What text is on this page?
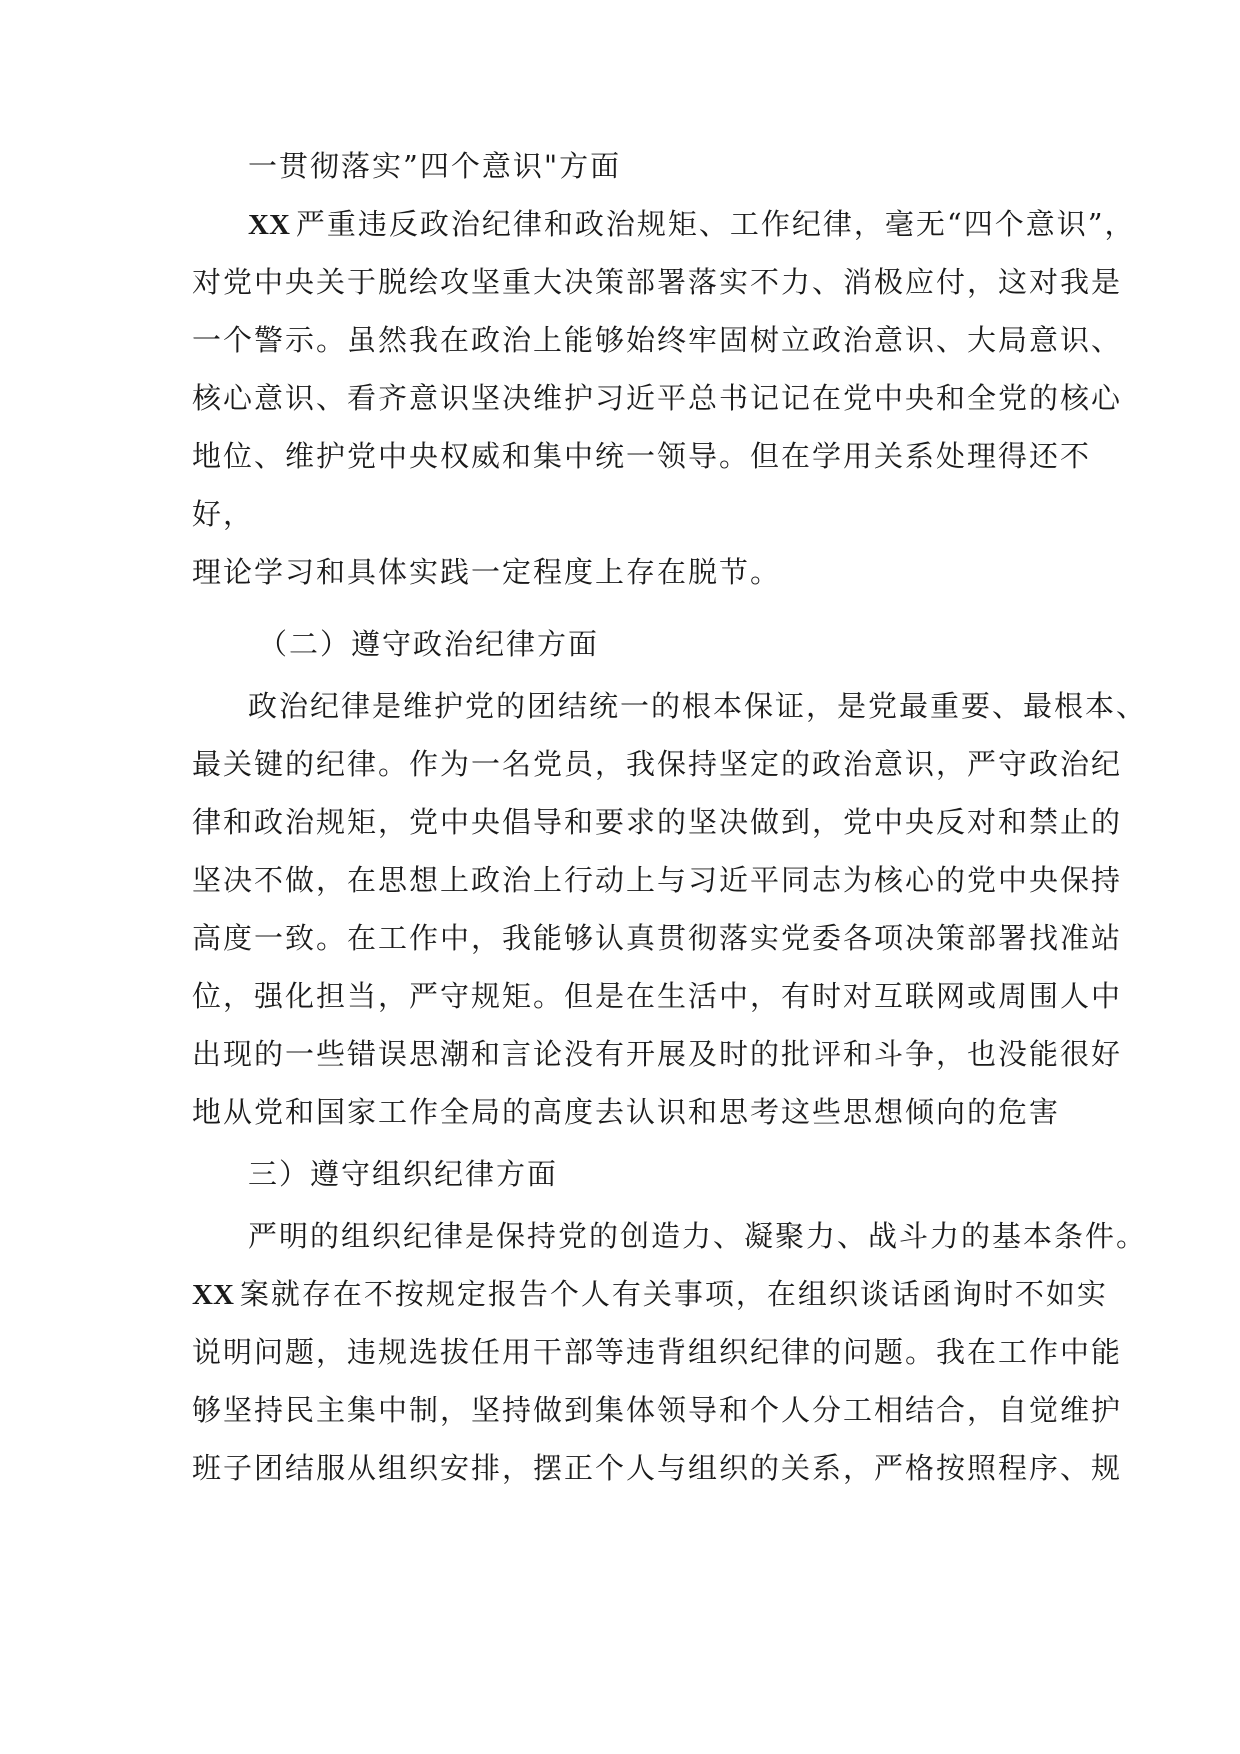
一贯彻落实”四个意识"方面
XX 严重违反政治纪律和政治规矩、工作纪律，毫无“四个意识”，
对党中央关于脱绘攻坚重大决策部署落实不力、消极应付，这对我是
一个警示。虽然我在政治上能够始终牢固树立政治意识、大局意识、
核心意识、看齐意识坚决维护习近平总书记记在党中央和全党的核心
地位、维护党中央权威和集中统一领导。但在学用关系处理得还不
好，
理论学习和具体实践一定程度上存在脱节。
（二）遵守政治纪律方面
政治纪律是维护党的团结统一的根本保证，是党最重要、最根本、
最关键的纪律。作为一名党员，我保持坚定的政治意识，严守政治纪
律和政治规矩，党中央倡导和要求的坚决做到，党中央反对和禁止的
坚决不做，在思想上政治上行动上与习近平同志为核心的党中央保持
高度一致。在工作中，我能够认真贯彻落实党委各项决策部署找准站
位，强化担当，严守规矩。但是在生活中，有时对互联网或周围人中
出现的一些错误思潮和言论没有开展及时的批评和斗争，也没能很好
地从党和国家工作全局的高度去认识和思考这些思想倾向的危害
三）遵守组织纪律方面
严明的组织纪律是保持党的创造力、凝聚力、战斗力的基本条件。
XX 案就存在不按规定报告个人有关事项，在组织谈话函询时不如实
说明问题，违规选拔任用干部等违背组织纪律的问题。我在工作中能
够坚持民主集中制，坚持做到集体领导和个人分工相结合，自觉维护
班子团结服从组织安排，摆正个人与组织的关系，严格按照程序、规
